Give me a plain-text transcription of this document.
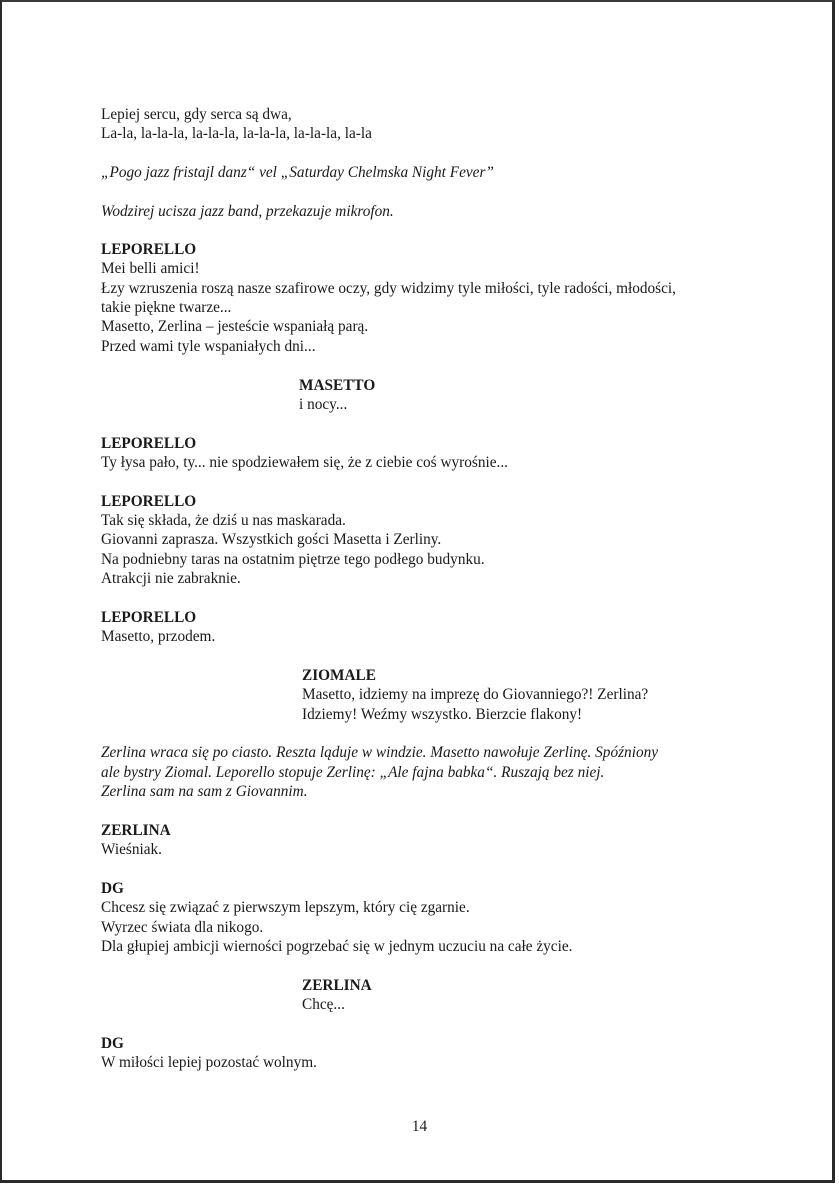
Lepiej sercu, gdy serca są dwa,
La-la, la-la-la, la-la-la, la-la-la, la-la-la, la-la
„Pogo jazz fristajl danz“ vel „Saturday Chelmska Night Fever”
Wodzirej ucisza jazz band, przekazuje mikrofon.
LEPORELLO
Mei belli amici!
Łzy wzruszenia roszą nasze szafirowe oczy, gdy widzimy tyle miłości, tyle radości, młodości,
takie piękne twarze...
Masetto, Zerlina – jesteście wspaniałą parą.
Przed wami tyle wspaniałych dni...
MASETTO
i nocy...
LEPORELLO
Ty łysa pało, ty... nie spodziewałem się, że z ciebie coś wyrośnie...
LEPORELLO
Tak się składa, że dziś u nas maskarada.
Giovanni zaprasza. Wszystkich gości Masetta i Zerliny.
Na podniebny taras na ostatnim piętrze tego podłego budynku.
Atrakcji nie zabraknie.
LEPORELLO
Masetto, przodem.
ZIOMALE
Masetto, idziemy na imprezę do Giovanniego?! Zerlina?
Idziemy! Weźmy wszystko. Bierzcie flakony!
Zerlina wraca się po ciasto. Reszta ląduje w windzie. Masetto nawołuje Zerlinę. Spóźniony
ale bystry Ziomal. Leporello stopuje Zerlinę: „Ale fajna babka“. Ruszają bez niej.
Zerlina sam na sam z Giovannim.
ZERLINA
Wieśniak.
DG
Chcesz się związać z pierwszym lepszym, który cię zgarnie.
Wyrzec świata dla nikogo.
Dla głupiej ambicji wierności pogrzebać się w jednym uczuciu na całe życie.
ZERLINA
Chcę...
DG
W miłości lepiej pozostać wolnym.
14
